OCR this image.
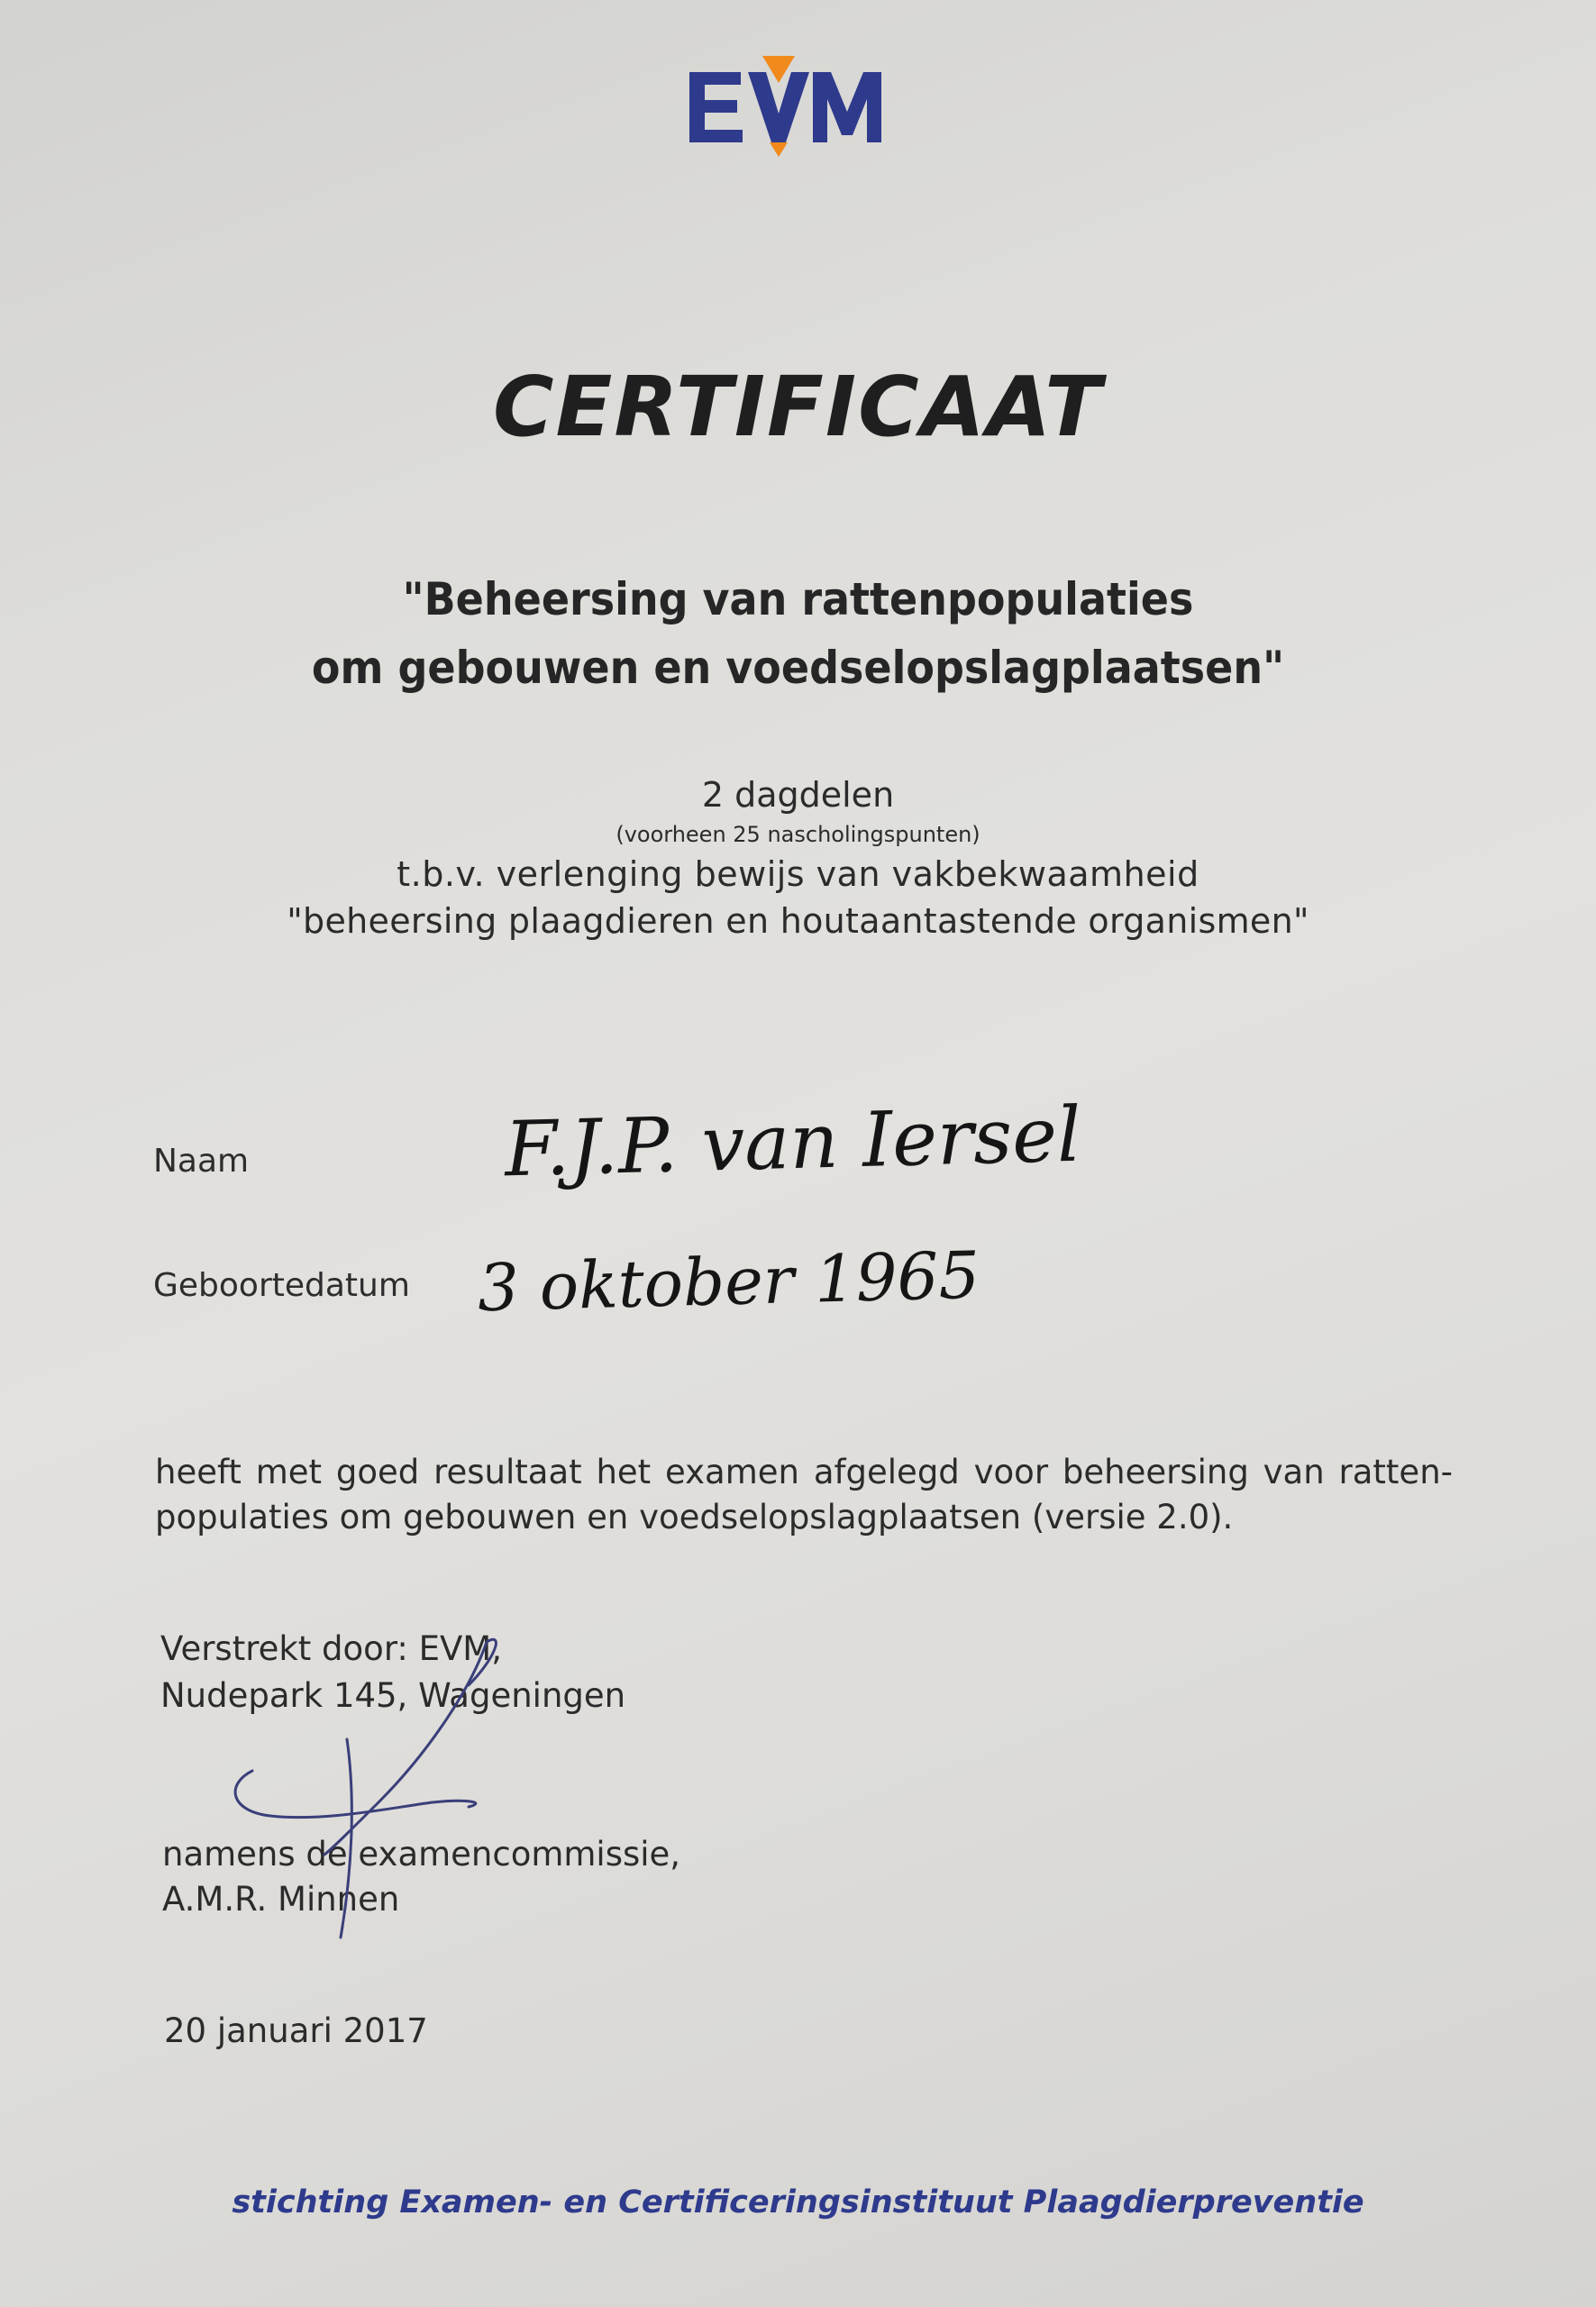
CERTIFICAAT
"Beheersing van rattenpopulaties
om gebouwen en voedselopslagplaatsen"
2 dagdelen
(voorheen 25 nascholingspunten)
t.b.v. verlenging bewijs van vakbekwaamheid
"beheersing plaagdieren en houtaantastende organismen"
Naam	F.J.P. van Iersel
Geboortedatum 3 oktober 1965
heeft met goed resultaat het examen afgelegd voor beheersing van ratten-
populaties om gebouwen en voedselopslagplaatsen (versie 2.0).
Verstrekt door: EVM,
Nudepark 145, Wageningen
namens de examencommissie,
A.M.R. Minnen
20 januari 2017
stichting Examen- en Certificeringsinstituut Plaagdierpreventie
